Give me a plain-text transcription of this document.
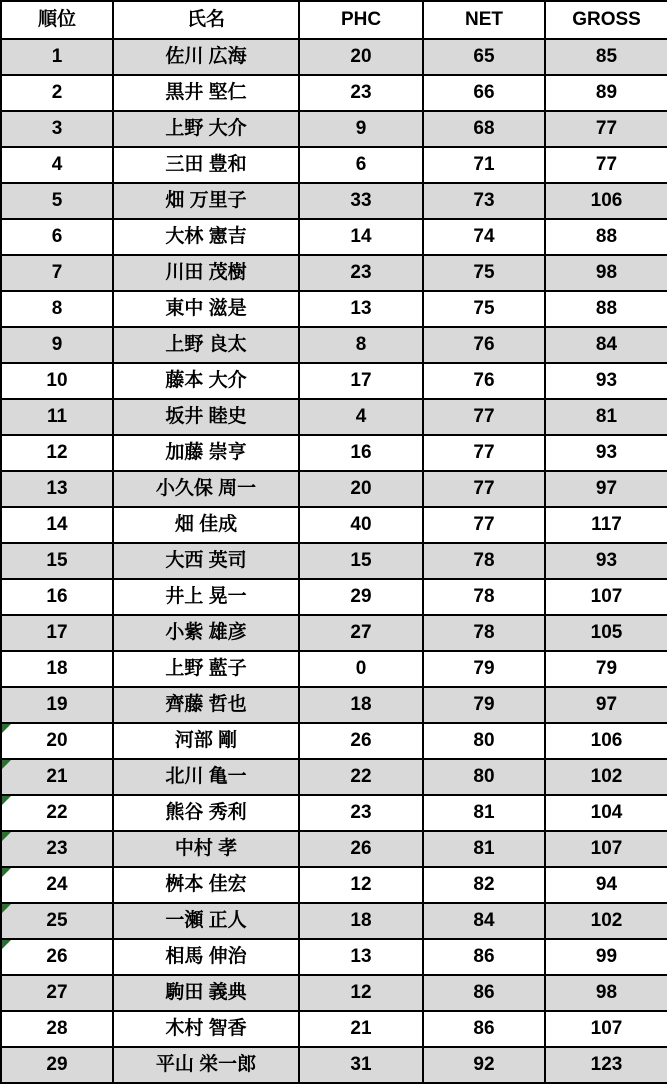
順位	氏名	PHC	NET	GROSS
1	佐川 広海	20	65	85
2	黒井 堅仁	23	66	89
3	上野 大介	9	68	77
4	三田 豊和	6	71	77
5	畑 万里子	33	73	106
6	大林 憲吉	14	74	88
7	川田 茂樹	23	75	98
8	東中 滋是	13	75	88
9	上野 良太	8	76	84
10	藤本 大介	17	76	93
11	坂井 睦史	4	77	81
12	加藤 崇亨	16	77	93
13	小久保 周一	20	77	97
14	畑 佳成	40	77	117
15	大西 英司	15	78	93
16	井上 晃一	29	78	107
17	小紫 雄彦	27	78	105
18	上野 藍子	0	79	79
19	齊藤 哲也	18	79	97
20	河部 剛	26	80	106
21	北川 亀一	22	80	102
22	熊谷 秀利	23	81	104
23	中村 孝	26	81	107
24	桝本 佳宏	12	82	94
25	一瀬 正人	18	84	102
26	相馬 伸治	13	86	99
27	駒田 義典	12	86	98
28	木村 智香	21	86	107
29	平山 栄一郎	31	92	123
